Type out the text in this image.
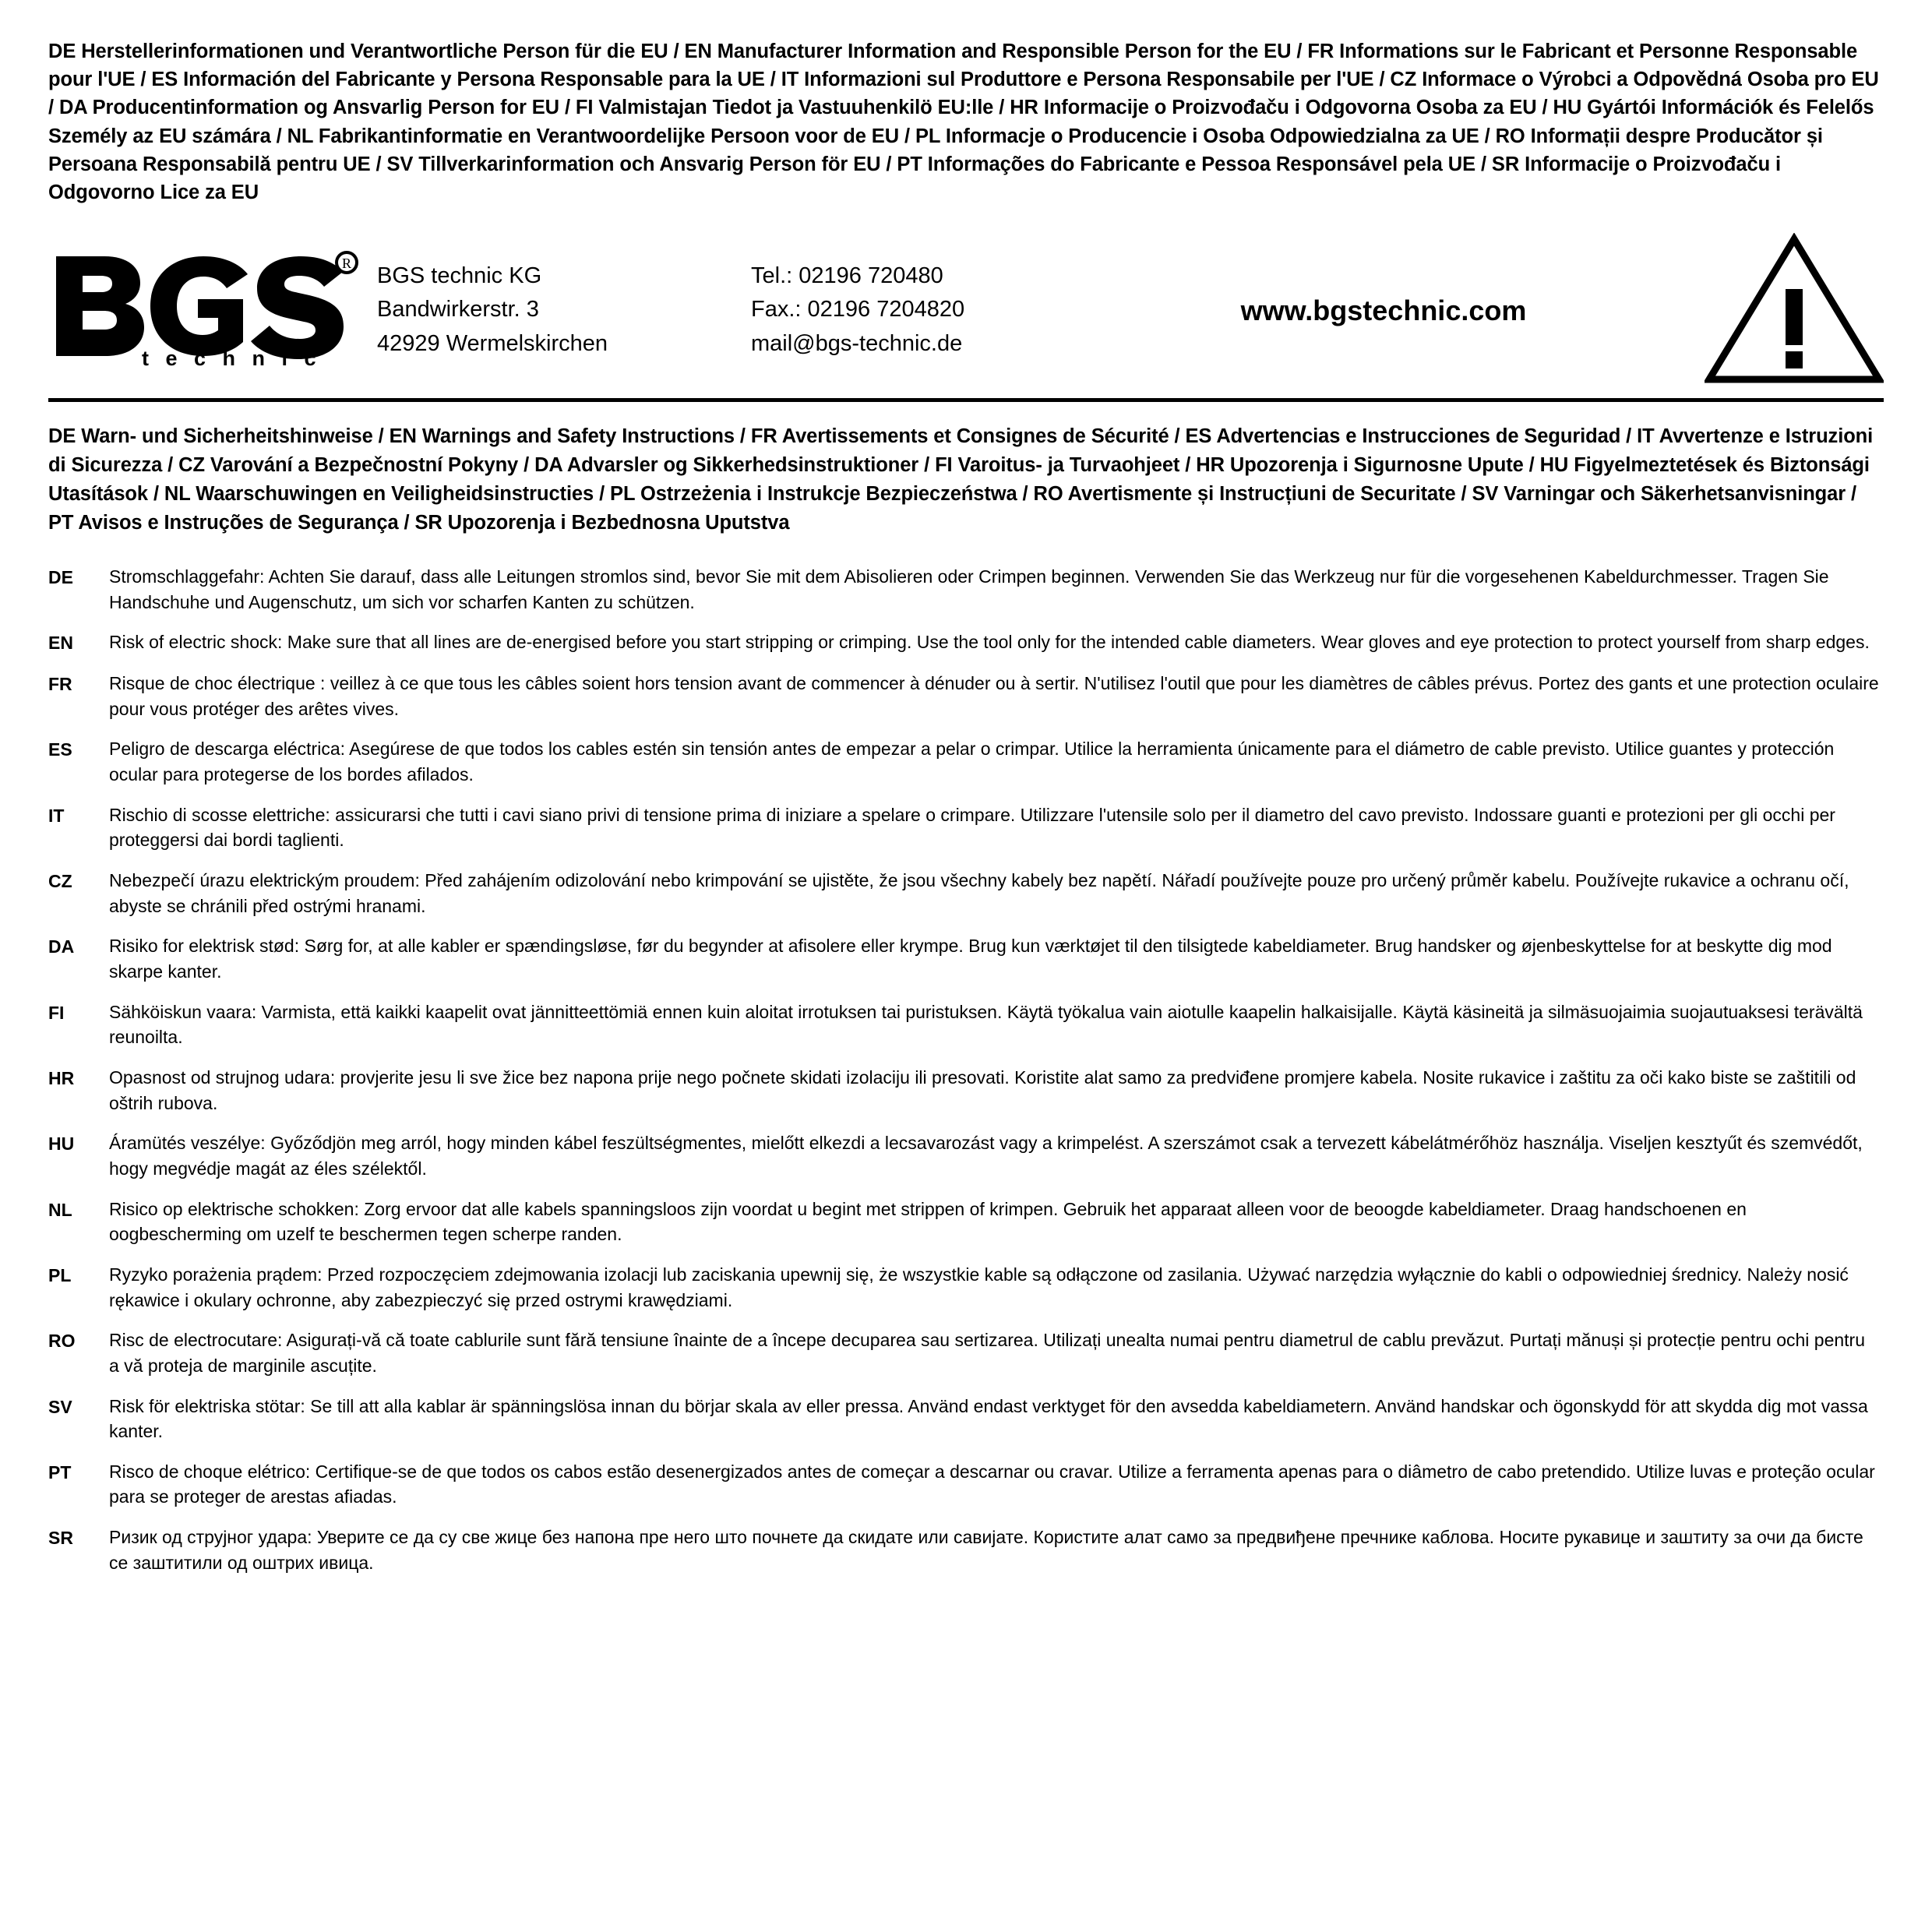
DE Herstellerinformationen und Verantwortliche Person für die EU / EN Manufacturer Information and Responsible Person for the EU / FR Informations sur le Fabricant et Personne Responsable pour l'UE / ES Información del Fabricante y Persona Responsable para la UE / IT Informazioni sul Produttore e Persona Responsabile per l'UE / CZ Informace o Výrobci a Odpovědná Osoba pro EU / DA Producentinformation og Ansvarlig Person for EU / FI Valmistajan Tiedot ja Vastuuhenkilö EU:lle / HR Informacije o Proizvođaču i Odgovorna Osoba za EU / HU Gyártói Információk és Felelős Személy az EU számára / NL Fabrikantinformatie en Verantwoordelijke Persoon voor de EU / PL Informacje o Producencie i Osoba Odpowiedzialna za UE / RO Informații despre Producător și Persoana Responsabilă pentru UE / SV Tillverkarinformation och Ansvarig Person för EU / PT Informações do Fabricante e Pessoa Responsável pela UE / SR Informacije o Proizvođaču i Odgovorno Lice za EU
R
t e c h n i c
BGS technic KG
Bandwirkerstr. 3
42929 Wermelskirchen
Tel.: 02196 720480
Fax.: 02196 7204820
mail@bgs-technic.de
www.bgstechnic.com
DE Warn- und Sicherheitshinweise / EN Warnings and Safety Instructions / FR Avertissements et Consignes de Sécurité / ES Advertencias e Instrucciones de Seguridad / IT Avvertenze e Istruzioni di Sicurezza / CZ Varování a Bezpečnostní Pokyny / DA Advarsler og Sikkerhedsinstruktioner / FI Varoitus- ja Turvaohjeet / HR Upozorenja i Sigurnosne Upute / HU Figyelmeztetések és Biztonsági Utasítások / NL Waarschuwingen en Veiligheidsinstructies / PL Ostrzeżenia i Instrukcje Bezpieczeństwa / RO Avertismente și Instrucțiuni de Securitate / SV Varningar och Säkerhetsanvisningar / PT Avisos e Instruções de Segurança / SR Upozorenja i Bezbednosna Uputstva
DE	Stromschlaggefahr: Achten Sie darauf, dass alle Leitungen stromlos sind, bevor Sie mit dem Abisolieren oder Crimpen beginnen. Verwenden Sie das Werkzeug nur für die vorgesehenen Kabeldurchmesser. Tragen Sie Handschuhe und Augenschutz, um sich vor scharfen Kanten zu schützen.
EN	Risk of electric shock: Make sure that all lines are de-energised before you start stripping or crimping. Use the tool only for the intended cable diameters. Wear gloves and eye protection to protect yourself from sharp edges.
FR	Risque de choc électrique : veillez à ce que tous les câbles soient hors tension avant de commencer à dénuder ou à sertir. N'utilisez l'outil que pour les diamètres de câbles prévus. Portez des gants et une protection oculaire pour vous protéger des arêtes vives.
ES	Peligro de descarga eléctrica: Asegúrese de que todos los cables estén sin tensión antes de empezar a pelar o crimpar. Utilice la herramienta únicamente para el diámetro de cable previsto. Utilice guantes y protección ocular para protegerse de los bordes afilados.
IT	Rischio di scosse elettriche: assicurarsi che tutti i cavi siano privi di tensione prima di iniziare a spelare o crimpare. Utilizzare l'utensile solo per il diametro del cavo previsto. Indossare guanti e protezioni per gli occhi per proteggersi dai bordi taglienti.
CZ	Nebezpečí úrazu elektrickým proudem: Před zahájením odizolování nebo krimpování se ujistěte, že jsou všechny kabely bez napětí. Nářadí používejte pouze pro určený průměr kabelu. Používejte rukavice a ochranu očí, abyste se chránili před ostrými hranami.
DA	Risiko for elektrisk stød: Sørg for, at alle kabler er spændingsløse, før du begynder at afisolere eller krympe. Brug kun værktøjet til den tilsigtede kabeldiameter. Brug handsker og øjenbeskyttelse for at beskytte dig mod skarpe kanter.
FI	Sähköiskun vaara: Varmista, että kaikki kaapelit ovat jännitteettömiä ennen kuin aloitat irrotuksen tai puristuksen. Käytä työkalua vain aiotulle kaapelin halkaisijalle. Käytä käsineitä ja silmäsuojaimia suojautuaksesi terävältä reunoilta.
HR	Opasnost od strujnog udara: provjerite jesu li sve žice bez napona prije nego počnete skidati izolaciju ili presovati. Koristite alat samo za predviđene promjere kabela. Nosite rukavice i zaštitu za oči kako biste se zaštitili od oštrih rubova.
HU	Áramütés veszélye: Győződjön meg arról, hogy minden kábel feszültségmentes, mielőtt elkezdi a lecsavarozást vagy a krimpelést. A szerszámot csak a tervezett kábelátmérőhöz használja. Viseljen kesztyűt és szemvédőt, hogy megvédje magát az éles szélektől.
NL	Risico op elektrische schokken: Zorg ervoor dat alle kabels spanningsloos zijn voordat u begint met strippen of krimpen. Gebruik het apparaat alleen voor de beoogde kabeldiameter. Draag handschoenen en oogbescherming om uzelf te beschermen tegen scherpe randen.
PL	Ryzyko porażenia prądem: Przed rozpoczęciem zdejmowania izolacji lub zaciskania upewnij się, że wszystkie kable są odłączone od zasilania. Używać narzędzia wyłącznie do kabli o odpowiedniej średnicy. Należy nosić rękawice i okulary ochronne, aby zabezpieczyć się przed ostrymi krawędziami.
RO	Risc de electrocutare: Asigurați-vă că toate cablurile sunt fără tensiune înainte de a începe decuparea sau sertizarea. Utilizați unealta numai pentru diametrul de cablu prevăzut. Purtați mănuși și protecție pentru ochi pentru a vă proteja de marginile ascuțite.
SV	Risk för elektriska stötar: Se till att alla kablar är spänningslösa innan du börjar skala av eller pressa. Använd endast verktyget för den avsedda kabeldiametern. Använd handskar och ögonskydd för att skydda dig mot vassa kanter.
PT	Risco de choque elétrico: Certifique-se de que todos os cabos estão desenergizados antes de começar a descarnar ou cravar. Utilize a ferramenta apenas para o diâmetro de cabo pretendido. Utilize luvas e proteção ocular para se proteger de arestas afiadas.
SR	Ризик од струјног удара: Уверите се да су све жице без напона пре него што почнете да скидате или савијате. Користите алат само за предвиђене пречнике каблова. Носите рукавице и заштиту за очи да бисте се заштитили од оштрих ивица.
